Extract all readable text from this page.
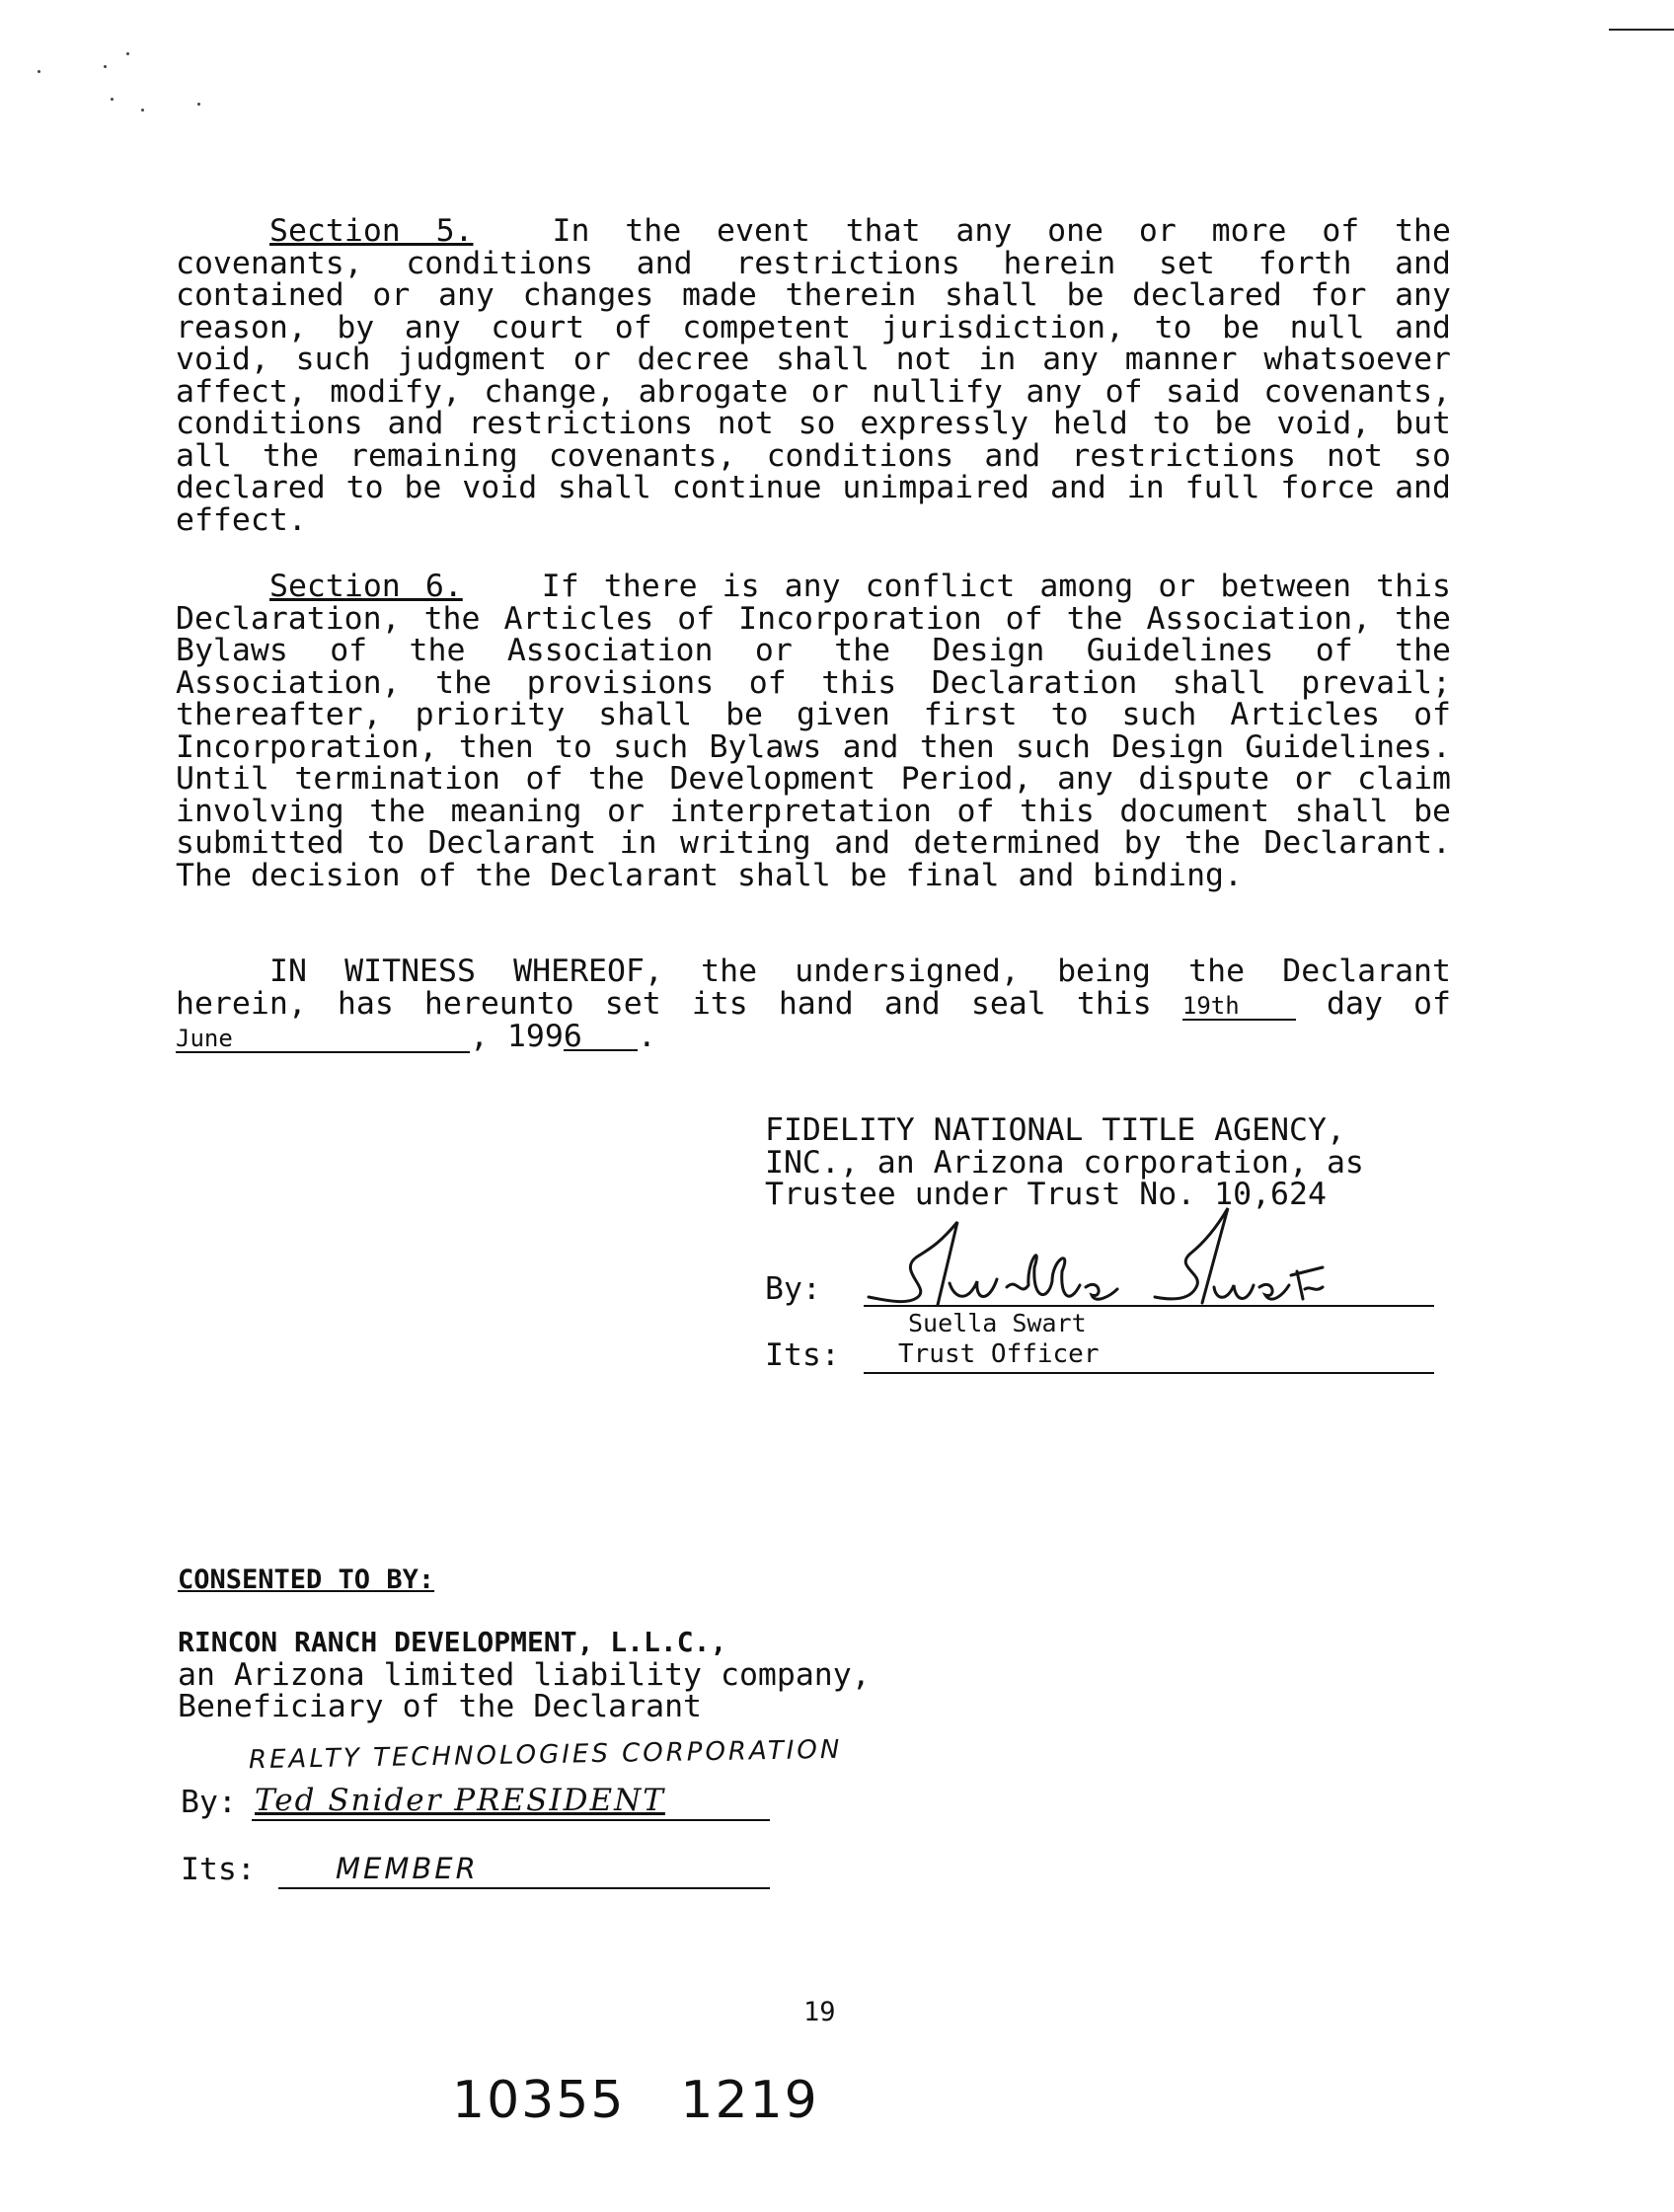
Section 5.	In the event that any one or more of the
covenants, conditions and restrictions herein set forth and
contained or any changes made therein shall be declared for any
reason, by any court of competent jurisdiction, to be null and
void, such judgment or decree shall not in any manner whatsoever
affect, modify, change, abrogate or nullify any of said covenants,
conditions and restrictions not so expressly held to be void, but
all the remaining covenants, conditions and restrictions not so
declared to be void shall continue unimpaired and in full force and
effect.
Section 6.	If there is any conflict among or between this
Declaration, the Articles of Incorporation of the Association, the
Bylaws of the Association or the Design Guidelines of the
Association, the provisions of this Declaration shall prevail;
thereafter, priority shall be given first to such Articles of
Incorporation, then to such Bylaws and then such Design Guidelines.
Until termination of the Development Period, any dispute or claim
involving the meaning or interpretation of this document shall be
submitted to Declarant in writing and determined by the Declarant.
The decision of the Declarant shall be final and binding.
IN WITNESS WHEREOF, the undersigned, being the Declarant
herein, has hereunto set its hand and seal this 19th	day of
June	, 1996 .
FIDELITY NATIONAL TITLE AGENCY,
INC., an Arizona corporation, as
Trustee under Trust No. 10,624
By:
Suella Swart
Its: Trust Officer
CONSENTED TO BY:
RINCON RANCH DEVELOPMENT, L.L.C.,
an Arizona limited liability company,
Beneficiary of the Declarant
REALTY TECHNOLOGIES CORPORATION
By: Ted Snider PRESIDENT
Its:	MEMBER
19
10355 1219
